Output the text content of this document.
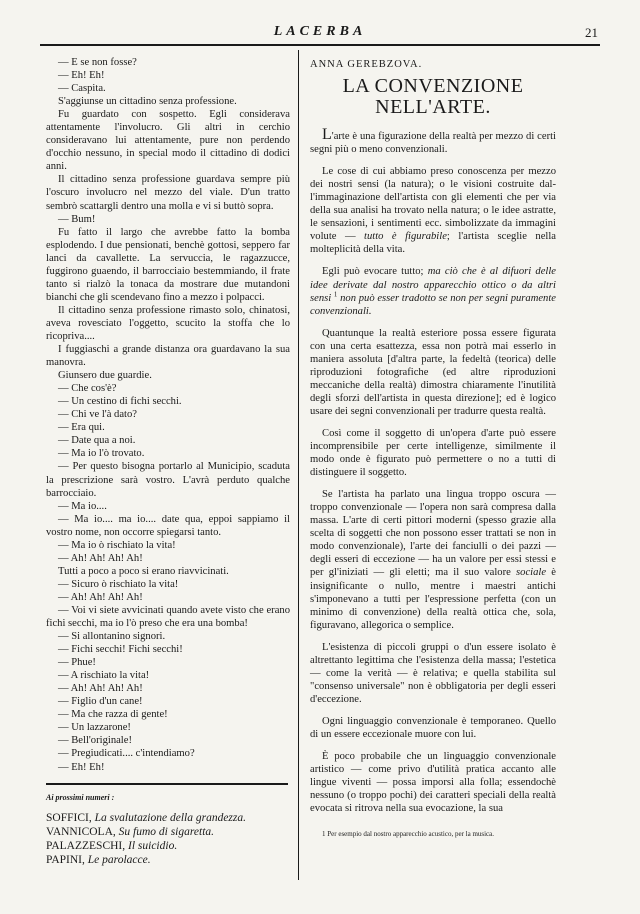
LACERBA	21

— E se non fosse?

— Eh! Eh!

— Caspita.

S'aggiunse un cittadino senza professione.

Fu guardato con sospetto. Egli considerava attentamente l'involucro. Gli altri in cerchio consideravano lui attentamente, pure non perdendo d'occhio nessuno, in special modo il cittadino di dodici anni.

Il cittadino senza professione guardava sempre più l'oscuro involucro nel mezzo del viale. D'un tratto sembrò scattargli dentro una molla e vi si buttò sopra.

— Bum!

Fu fatto il largo che avrebbe fatto la bomba esplodendo. I due pensionati, benchè gottosi, seppero far lanci da cavallette. La servuccia, le ragazzucce, fuggirono guaendo, il barrocciaio bestemmiando, il frate tanto si rialzò la tonaca da mostrare due mutandoni bianchi che gli scendevano fino a mezzo i polpacci.

Il cittadino senza professione rimasto solo, chinatosi, aveva rovesciato l'oggetto, scucito la stoffa che lo ricopriva....

I fuggiaschi a grande distanza ora guardavano la sua manovra.

Giunsero due guardie.

— Che cos'è?

— Un cestino di fichi secchi.

— Chi ve l'à dato?

— Era qui.

— Date qua a noi.

— Ma io l'ò trovato.

— Per questo bisogna portarlo al Municipio, scaduta la prescrizione sarà vostro. L'avrà perduto qualche barrocciaio.

— Ma io....

— Ma io.... ma io.... date qua, eppoi sappiamo il vostro nome, non occorre spiegarsi tanto.

— Ma io ò rischiato la vita!

— Ah! Ah! Ah! Ah!

Tutti a poco a poco si erano riavvicinati.

— Sicuro ò rischiato la vita!

— Ah! Ah! Ah! Ah!

— Voi vi siete avvicinati quando avete visto che erano fichi secchi, ma io l'ò preso che era una bomba!

— Si allontanino signori.

— Fichi secchi! Fichi secchi!

— Phue!

— A rischiato la vita!

— Ah! Ah! Ah! Ah!

— Figlio d'un cane!

— Ma che razza di gente!

— Un lazzarone!

— Bell'originale!

— Pregiudicati.... c'intendiamo?

— Eh! Eh!

Ai prossimi numeri :

SOFFICI, La svalutazione della grandezza.

VANNICOLA, Su fumo di sigaretta.

PALAZZESCHI, Il suicidio.

PAPINI, Le parolacce.

ANNA GEREBZOVA.

LA CONVENZIONE
NELL'ARTE.

L'arte è una figurazione della realtà per mezzo di certi segni più o meno convenzionali.

Le cose di cui abbiamo preso conoscenza per mezzo dei nostri sensi (la natura); o le visioni costruite dal- l'immaginazione dell'artista con gli elementi che per via della sua analisi ha trovato nella natura; o le idee astratte, le sensazioni, i sentimenti ecc. simbolizzate da immagini volute — tutto è figurabile; l'artista sceglie nella molteplicità della vita.

Egli può evocare tutto; ma ciò che è al difuori delle idee derivate dal nostro apparecchio ottico o da altri sensi $^1$ non può esser tradotto se non per segni puramente convenzionali.

Quantunque la realtà esteriore possa essere figurata con una certa esattezza, essa non potrà mai esserlo in maniera assoluta [d'altra parte, la fedeltà (teorica) delle riproduzioni fotografiche (ed altre riproduzioni meccaniche della realtà) dimostra chiaramente l'inutilità degli sforzi dell'artista in questa direzione]; ed è logico usare dei segni convenzionali per tradurre questa realtà.

Così come il soggetto di un'opera d'arte può essere incomprensibile per certe intelligenze, similmente il modo onde è figurato può permettere o no a tutti di distinguere il soggetto.

Se l'artista ha parlato una lingua troppo oscura — troppo convenzionale — l'opera non sarà compresa dalla massa. L'arte di certi pittori moderni (spesso grazie alla scelta di soggetti che non possono esser trattati se non in modo convenzionale), l'arte dei fanciulli o dei pazzi — degli esseri di eccezione — ha un valore per essi stessi e per gl'iniziati — gli eletti; ma il suo valore sociale è insignificante o nullo, mentre i maestri antichi s'imponevano a tutti per l'espressione perfetta (con un minimo di convenzione) della realtà ottica che, sola, figuravano, allegorica o semplice.

L'esistenza di piccoli gruppi o d'un essere isolato è altrettanto legittima che l'esistenza della massa; l'estetica — come la verità — è relativa; e quella stabilita sul "consenso universale" non è obbligatoria per degli esseri d'eccezione.

Ogni linguaggio convenzionale è temporaneo. Quello di un essere eccezionale muore con lui.

È poco probabile che un linguaggio convenzionale artistico — come privo d'utilità pratica accanto alle lingue viventi — possa imporsi alla folla; essendochè nessuno (o troppo pochi) dei caratteri speciali della realtà evocata si ritrova nella sua evocazione, la sua

1 Per esempio dal nostro apparecchio acustico, per la musica.
